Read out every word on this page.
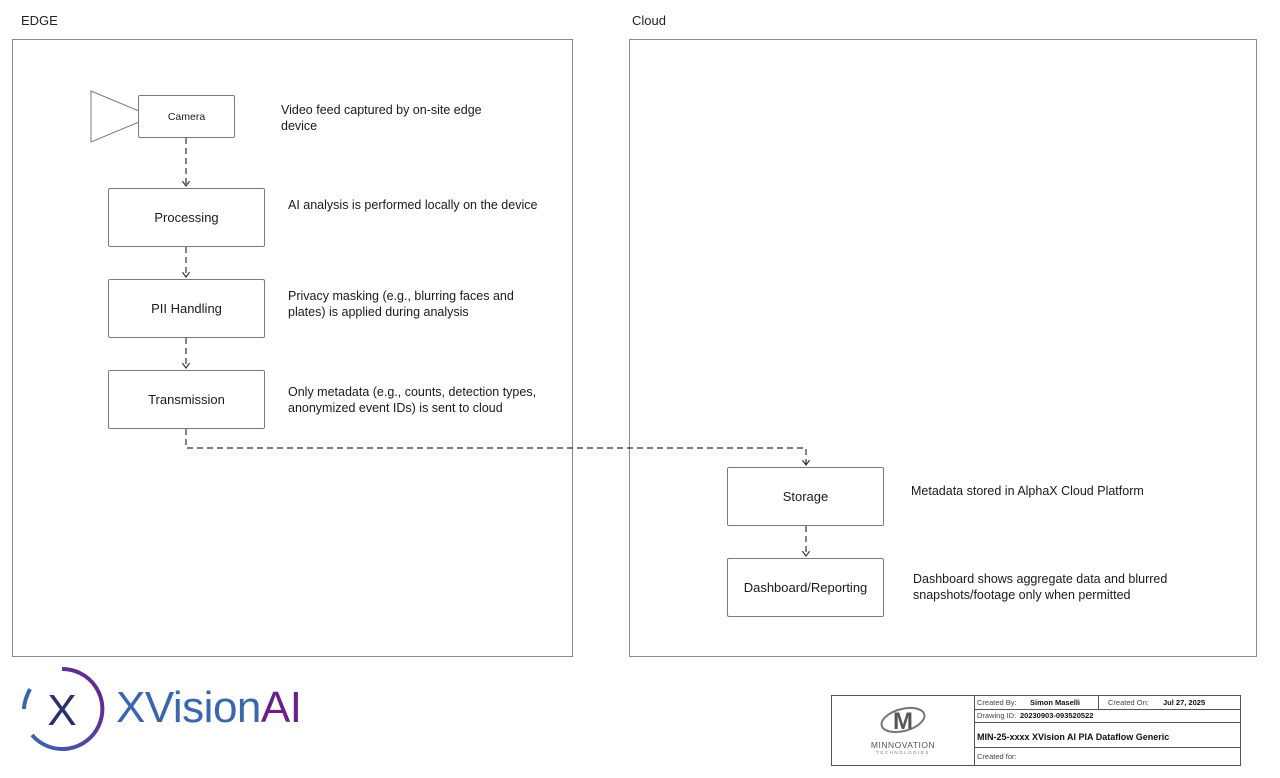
EDGE	Cloud
Camera
Processing
PII Handling
Transmission
Video feed captured by on-site edge device
AI analysis is performed locally on the device
Privacy masking (e.g., blurring faces and plates) is applied during analysis
Only metadata (e.g., counts, detection types, anonymized event IDs) is sent to cloud
Storage
Dashboard/Reporting
Metadata stored in AlphaX Cloud Platform
Dashboard shows aggregate data and blurred snapshots/footage only when permitted
X XVisionAI	M
MINNOVATION
TECHNOLOGIES
Created By: Simon Maselli	Created On: Jul 27, 2025
Drawing ID: 20230903-093520522
MIN-25-xxxx XVision AI PIA Dataflow Generic
Created for:
